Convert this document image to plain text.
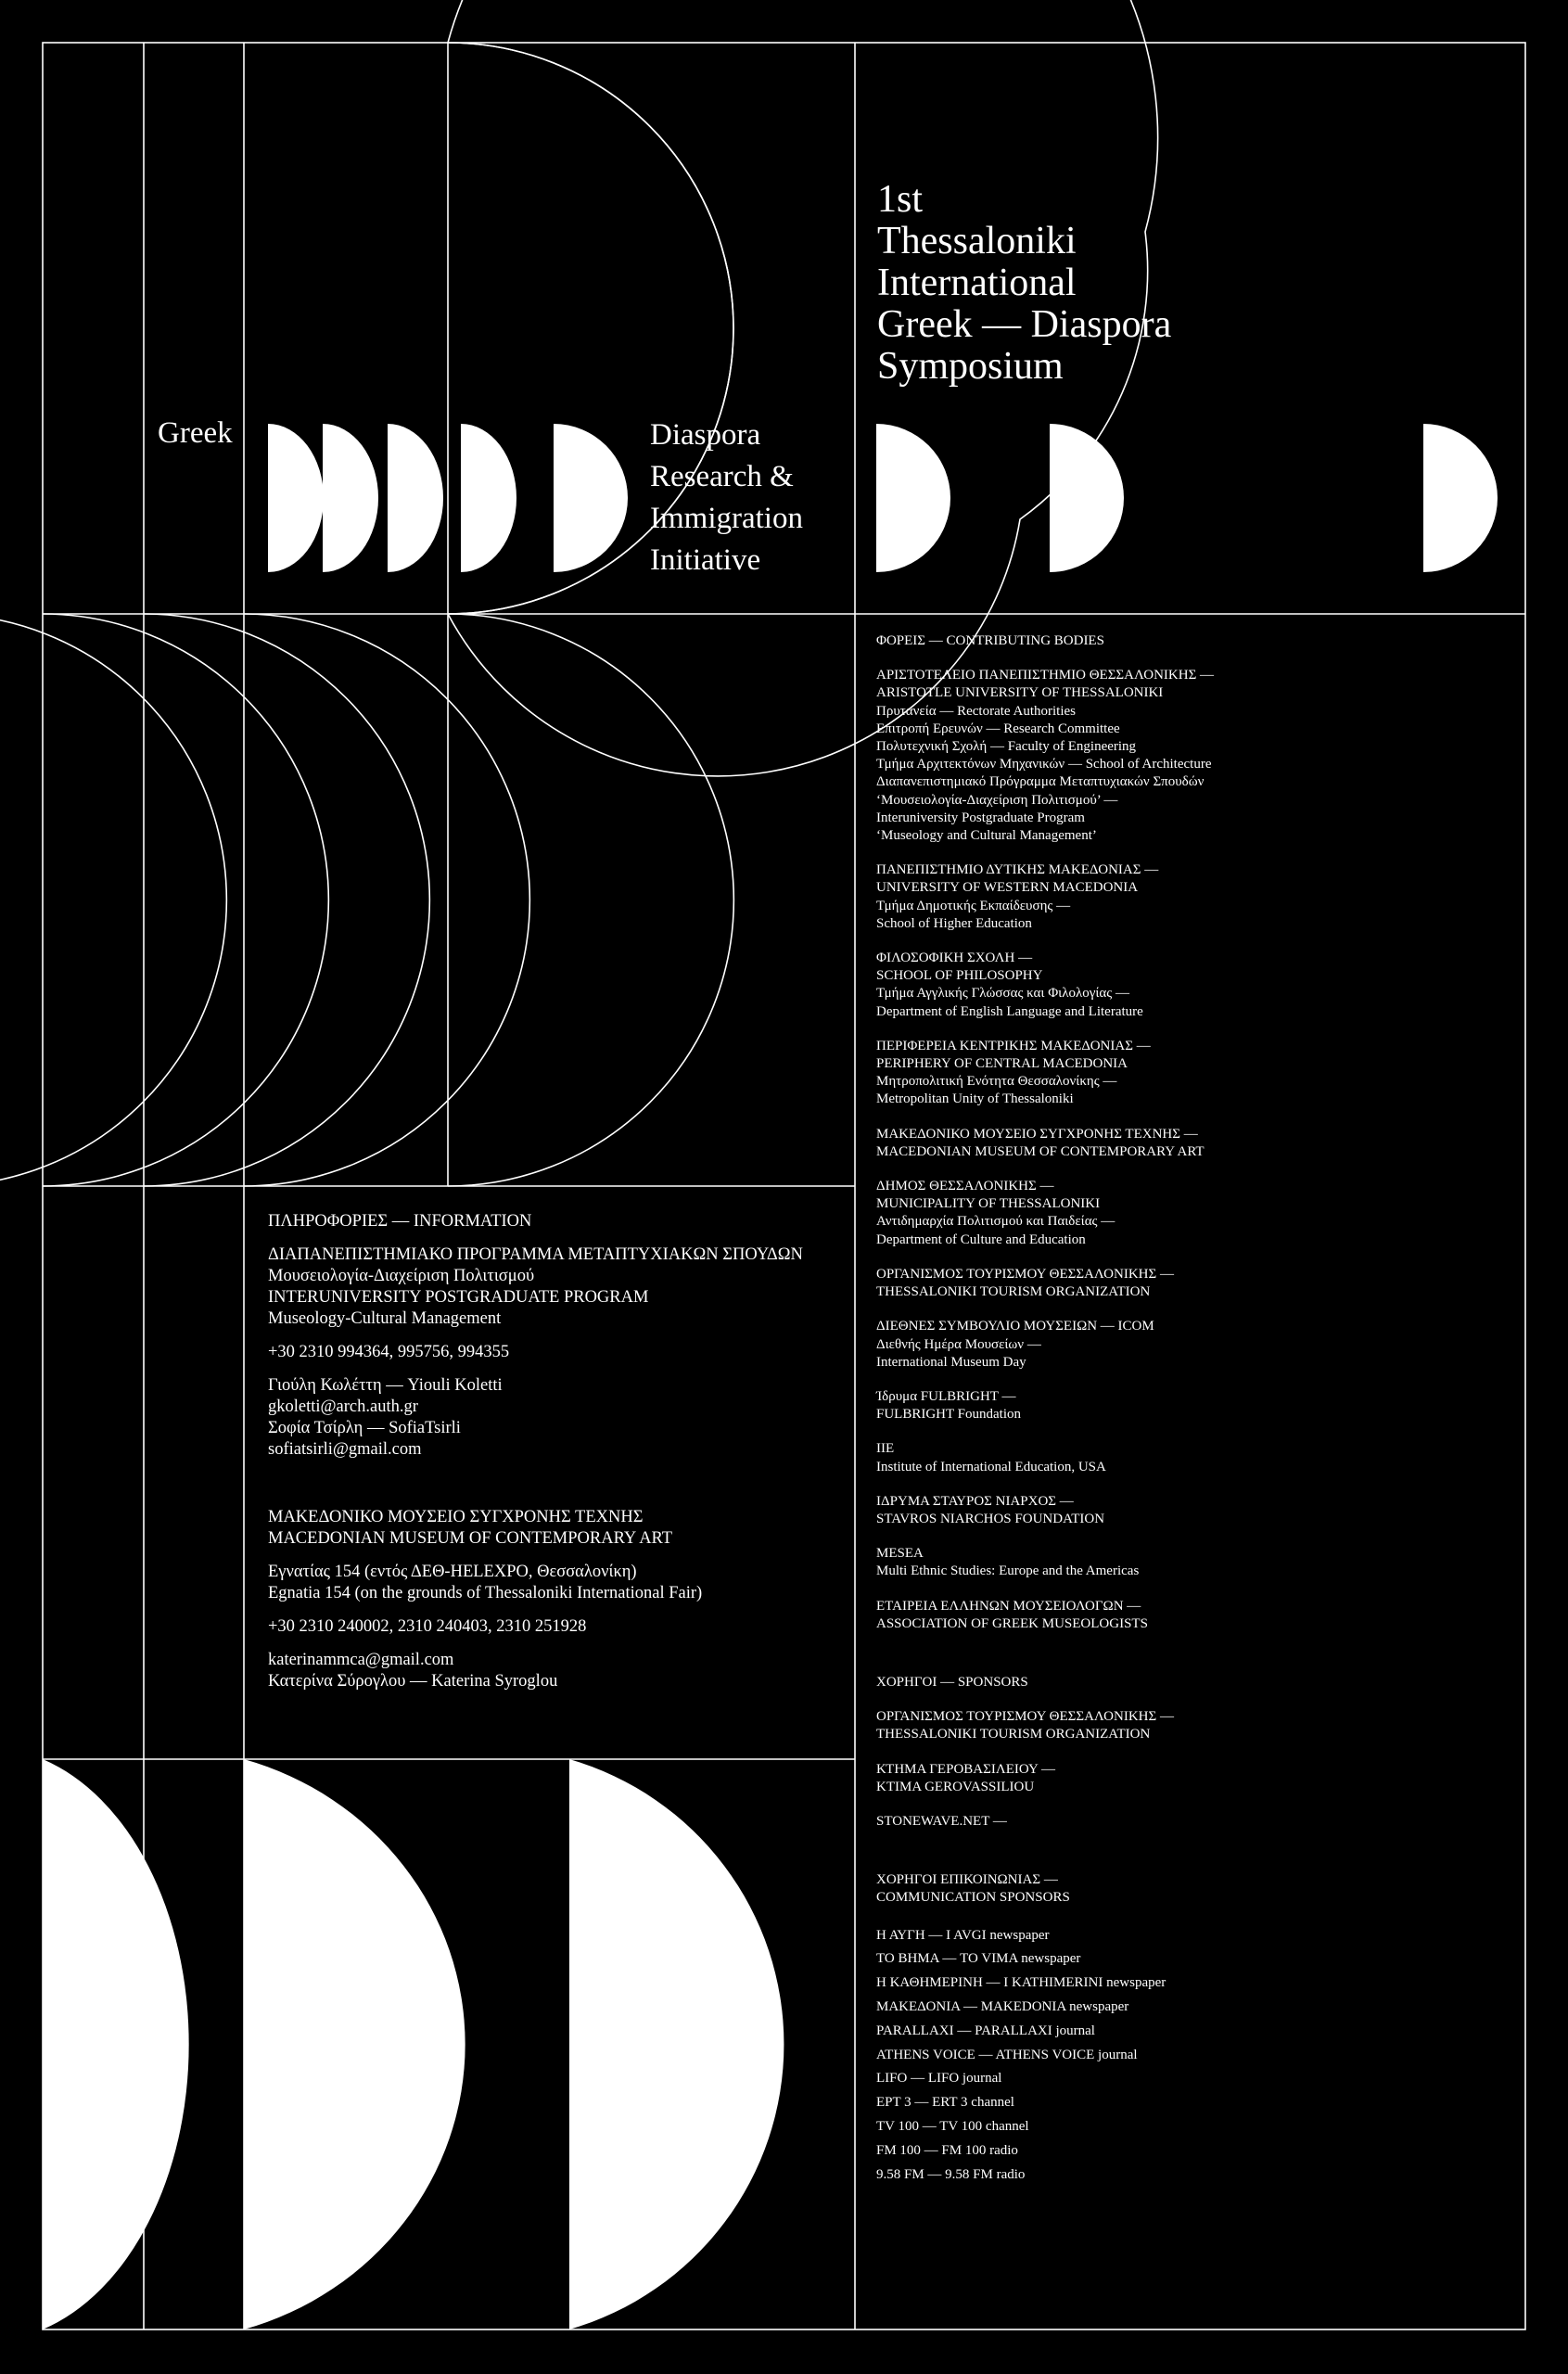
1st
Thessaloniki
International
Greek — Diaspora
Symposium
Greek	Diaspora
Research &
Immigration
Initiative
ΠΛΗΡΟΦΟΡΙΕΣ — INFORMATION
ΔΙΑΠΑΝΕΠΙΣΤΗΜΙΑΚΟ ΠΡΟΓΡΑΜΜΑ ΜΕΤΑΠΤΥΧΙΑΚΩΝ ΣΠΟΥΔΩΝ
Μουσειολογία-Διαχείριση Πολιτισμού
INTERUNIVERSITY POSTGRADUATE PROGRAM
Museology-Cultural Management
+30 2310 994364, 995756, 994355
Γιούλη Κωλέττη — Yiouli Koletti
gkoletti@arch.auth.gr
Σοφία Τσίρλη — SofiaTsirli
sofiatsirli@gmail.com
ΜΑΚΕΔΟΝΙΚΟ ΜΟΥΣΕΙΟ ΣΥΓΧΡΟΝΗΣ ΤΕΧΝΗΣ
MACEDONIAN MUSEUM OF CONTEMPORARY ART
Εγνατίας 154 (εντός ΔΕΘ-HELEXPO, Θεσσαλονίκη)
Egnatia 154 (on the grounds of Thessaloniki International Fair)
+30 2310 240002, 2310 240403, 2310 251928
katerinammca@gmail.com
Κατερίνα Σύρογλου — Katerina Syroglou
ΦΟΡΕΙΣ — CONTRIBUTING BODIES
ΑΡΙΣΤΟΤΕΛΕΙΟ ΠΑΝΕΠΙΣΤΗΜΙΟ ΘΕΣΣΑΛΟΝΙΚΗΣ —
ARISTOTLE UNIVERSITY OF THESSALONIKI
Πρυτανεία — Rectorate Authorities
Επιτροπή Ερευνών — Research Committee
Πολυτεχνική Σχολή — Faculty of Engineering
Τμήμα Αρχιτεκτόνων Μηχανικών — School of Architecture
Διαπανεπιστημιακό Πρόγραμμα Μεταπτυχιακών Σπουδών
‘Μουσειολογία-Διαχείριση Πολιτισμού’ —
Interuniversity Postgraduate Program
‘Museology and Cultural Management’
ΠΑΝΕΠΙΣΤΗΜΙΟ ΔΥΤΙΚΗΣ ΜΑΚΕΔΟΝΙΑΣ —
UNIVERSITY OF WESTERN MACEDONIA
Τμήμα Δημοτικής Εκπαίδευσης —
School of Higher Education
ΦΙΛΟΣΟΦΙΚΗ ΣΧΟΛΗ —
SCHOOL OF PHILOSOPHY
Τμήμα Αγγλικής Γλώσσας και Φιλολογίας —
Department of English Language and Literature
ΠΕΡΙΦΕΡΕΙΑ ΚΕΝΤΡΙΚΗΣ ΜΑΚΕΔΟΝΙΑΣ —
PERIPHERY OF CENTRAL MACEDONIA
Μητροπολιτική Ενότητα Θεσσαλονίκης —
Metropolitan Unity of Thessaloniki
ΜΑΚΕΔΟΝΙΚΟ ΜΟΥΣΕΙΟ ΣΥΓΧΡΟΝΗΣ ΤΕΧΝΗΣ —
MACEDONIAN MUSEUM OF CONTEMPORARY ART
ΔΗΜΟΣ ΘΕΣΣΑΛΟΝΙΚΗΣ —
MUNICIPALITY OF THESSALONIKI
Αντιδημαρχία Πολιτισμού και Παιδείας —
Department of Culture and Education
ΟΡΓΑΝΙΣΜΟΣ ΤΟΥΡΙΣΜΟΥ ΘΕΣΣΑΛΟΝΙΚΗΣ —
THESSALONIKI TOURISM ORGANIZATION
ΔΙΕΘΝΕΣ ΣΥΜΒΟΥΛΙΟ ΜΟΥΣΕΙΩΝ — ICOM
Διεθνής Ημέρα Μουσείων —
International Museum Day
Ίδρυμα FULBRIGHT —
FULBRIGHT Foundation
IIE
Institute of International Education, USA
ΙΔΡΥΜΑ ΣΤΑΥΡΟΣ ΝΙΑΡΧΟΣ —
STAVROS NIARCHOS FOUNDATION
MESEA
Multi Ethnic Studies: Europe and the Americas
ΕΤΑΙΡΕΙΑ ΕΛΛΗΝΩΝ ΜΟΥΣΕΙΟΛΟΓΩΝ —
ASSOCIATION OF GREEK MUSEOLOGISTS
ΧΟΡΗΓΟΙ — SPONSORS
ΟΡΓΑΝΙΣΜΟΣ ΤΟΥΡΙΣΜΟΥ ΘΕΣΣΑΛΟΝΙΚΗΣ —
THESSALONIKI TOURISM ORGANIZATION
ΚΤΗΜΑ ΓΕΡΟΒΑΣΙΛΕΙΟΥ —
KTIMA GEROVASSILIOU
STONEWAVE.NET —
ΧΟΡΗΓΟΙ ΕΠΙΚΟΙΝΩΝΙΑΣ —
COMMUNICATION SPONSORS
Η ΑΥΓΗ — I AVGI newspaper
ΤΟ ΒΗΜΑ — TO VIMA newspaper
Η ΚΑΘΗΜΕΡΙΝΗ — I KATHIMERINI newspaper
ΜΑΚΕΔΟΝΙΑ — MAKEDONIA newspaper
PARALLAXI — PARALLAXI journal
ATHENS VOICE — ATHENS VOICE journal
LIFO — LIFO journal
ΕΡΤ 3 — ERT 3 channel
TV 100 — TV 100 channel
FM 100 — FM 100 radio
9.58 FM — 9.58 FM radio
